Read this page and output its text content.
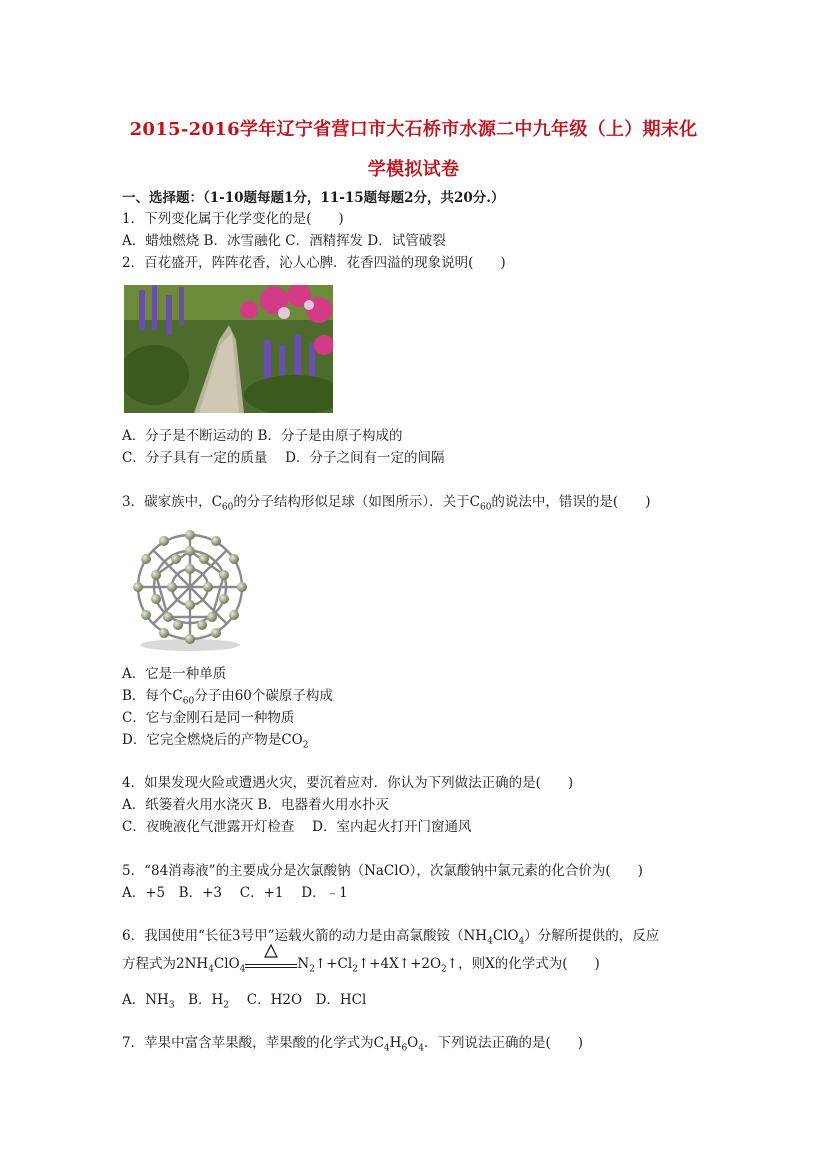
2015-2016学年辽宁省营口市大石桥市水源二中九年级（上）期末化
学模拟试卷
一、选择题：（1-10题每题1分，11-15题每题2分，共20分.）
1．下列变化属于化学变化的是(　　)
A．蜡烛燃烧 B．冰雪融化 C．酒精挥发 D．试管破裂
2．百花盛开，阵阵花香，沁人心脾．花香四溢的现象说明(　　)
A．分子是不断运动的 B．分子是由原子构成的
C．分子具有一定的质量　 D．分子之间有一定的间隔
3．碳家族中，$C_{60}$的分子结构形似足球（如图所示）．关于$C_{60}$的说法中，错误的是(　　)
A．它是一种单质
B．每个$C_{60}$分子由60个碳原子构成
C．它与金刚石是同一种物质
D．它完全燃烧后的产物是$CO_2$
4．如果发现火险或遭遇火灾，要沉着应对．你认为下列做法正确的是(　　)
A．纸篓着火用水浇灭 B．电器着火用水扑灭
C．夜晚液化气泄露开灯检查　 D．室内起火打开门窗通风
5．“84消毒液”的主要成分是次氯酸钠（NaClO），次氯酸钠中氯元素的化合价为(　　)
A．+5　B．+3　 C．+1　 D．﹣1
6．我国使用“长征3号甲”运载火箭的动力是由高氯酸铵$(NH_4ClO_4)$分解所提供的，反应
方程式为$2NH_4ClO_4$	$N_2↑+Cl_2↑+4X↑+2O_2↑$，则X的化学式为(　　)
A．$NH_3$　B．$H_2$　 C．H2O　D．HCl
7．苹果中富含苹果酸，苹果酸的化学式为$C_4H_6O_4$．下列说法正确的是(　　)
